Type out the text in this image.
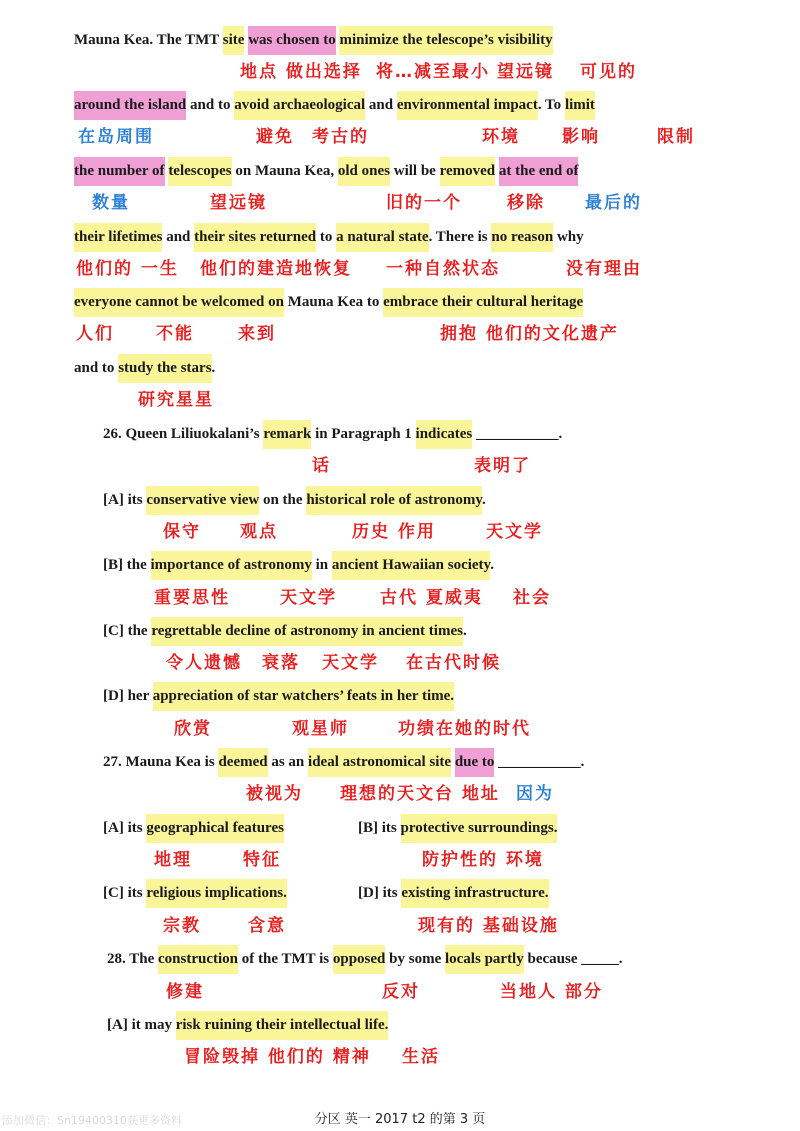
Mauna Kea. The TMT site was chosen to minimize the telescope’s visibility
地点 做出选择 将…减至最小 望远镜 可见的
around the island and to avoid archaeological and environmental impact. To limit
在岛周围	避免 考古的	环境 影响	限制
the number of telescopes on Mauna Kea, old ones will be removed at the end of
数量	望远镜	旧的一个	移除 最后的
their lifetimes and their sites returned to a natural state. There is no reason why
他们的 一生 他们的建造地恢复 一种自然状态	没有理由
everyone cannot be welcomed on Mauna Kea to embrace their cultural heritage
人们 不能	来到	拥抱 他们的文化遗产
and to study the stars.
研究星星
26. Queen Liliuokalani’s remark in Paragraph 1 indicates ___________.
话	表明了
[A] its conservative view on the historical role of astronomy.
保守 观点	历史 作用	天文学
[B] the importance of astronomy in ancient Hawaiian society.
重要思性	天文学	古代 夏威夷 社会
[C] the regrettable decline of astronomy in ancient times.
令人遗憾 衰落 天文学 在古代时候
[D] her appreciation of star watchers’ feats in her time.
欣赏	观星师	功绩在她的时代
27. Mauna Kea is deemed as an ideal astronomical site due to ___________.
被视为 理想的天文台 地址 因为
[A] its geographical features	[B] its protective surroundings.
地理	特征	防护性的 环境
[C] its religious implications.	[D] its existing infrastructure.
宗教	含意	现有的 基础设施
28. The construction of the TMT is opposed by some locals partly because _____.
修建	反对	当地人 部分
[A] it may risk ruining their intellectual life.
冒险毁掉 他们的 精神 生活
添加微信：Sn19400310获更多资料	分区 英一 2017 t2 的第 3 页
